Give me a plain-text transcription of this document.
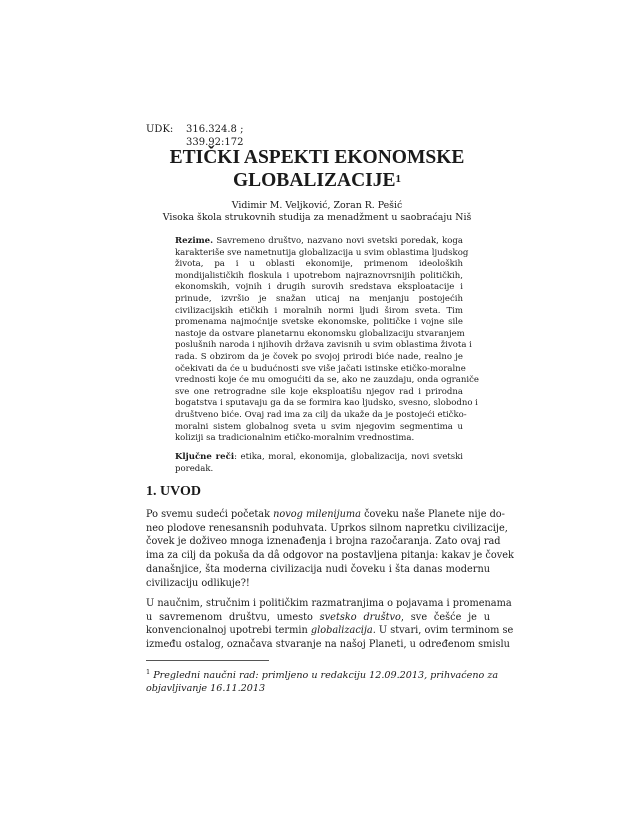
UDK: 316.324.8 ;
339.92:172
ETIČKI ASPEKTI EKONOMSKE
GLOBALIZACIJE$^1$
Vidimir M. Veljković, Zoran R. Pešić
Visoka škola strukovnih studija za menadžment u saobraćaju Niš
Rezime. Savremeno društvo, nazvano novi svetski poredak, koga
karakteriše sve nametnutija globalizacija u svim oblastima ljudskog
života, pa i u oblasti ekonomije, primenom ideoloških
mondijalističkih floskula i upotrebom najraznovrsnijih političkih,
ekonomskih, vojnih i drugih surovih sredstava eksploatacije i
prinude, izvršio je snažan uticaj na menjanju postojećih
civilizacijskih etičkih i moralnih normi ljudi širom sveta. Tim
promenama najmoćnije svetske ekonomske, političke i vojne sile
nastoje da ostvare planetarnu ekonomsku globalizaciju stvaranjem
poslušnih naroda i njihovih država zavisnih u svim oblastima života i
rada. S obzirom da je čovek po svojoj prirodi biće nade, realno je
očekivati da će u budućnosti sve više jačati istinske etičko-moralne
vrednosti koje će mu omogućiti da se, ako ne zauzdaju, onda ograniče
sve one retrogradne sile koje eksploatišu njegov rad i prirodna
bogatstva i sputavaju ga da se formira kao ljudsko, svesno, slobodno i
društveno biće. Ovaj rad ima za cilj da ukaže da je postojeći etičko-
moralni sistem globalnog sveta u svim njegovim segmentima u
koliziji sa tradicionalnim etičko-moralnim vrednostima.
Ključne reči: etika, moral, ekonomija, globalizacija, novi svetski
poredak.
1. UVOD
Po svemu sudeći početak novog milenijuma čoveku naše Planete nije do-
neo plodove renesansnih poduhvata. Uprkos silnom napretku civilizacije,
čovek je doživeo mnoga iznenađenja i brojna razočaranja. Zato ovaj rad
ima za cilj da pokuša da dâ odgovor na postavljena pitanja: kakav je čovek
današnjice, šta moderna civilizacija nudi čoveku i šta danas modernu
civilizaciju odlikuje?!
U naučnim, stručnim i političkim razmatranjima o pojavama i promenama
u savremenom društvu, umesto svetsko društvo, sve češće je u
konvencionalnoj upotrebi termin globalizacija. U stvari, ovim terminom se
između ostalog, označava stvaranje na našoj Planeti, u određenom smislu
$^1$ Pregledni naučni rad: primljeno u redakciju 12.09.2013, prihvaćeno za
objavljivanje 16.11.2013
